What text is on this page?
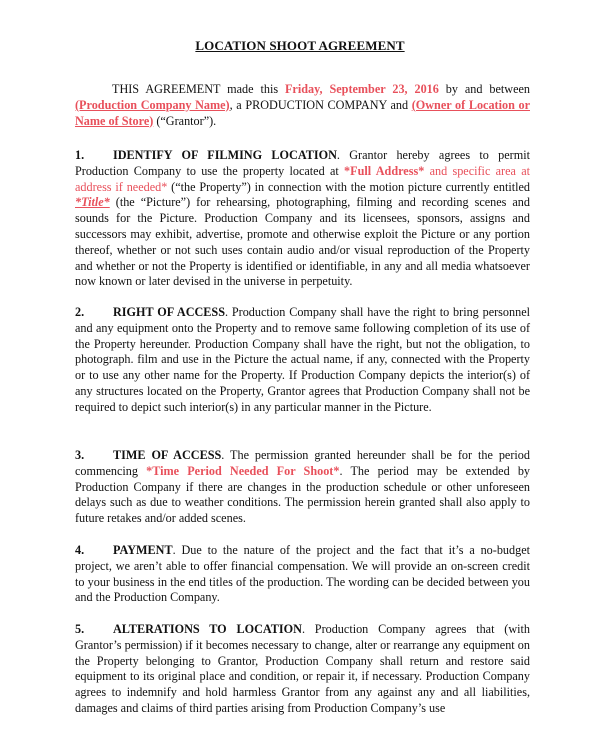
LOCATION SHOOT AGREEMENT
THIS AGREEMENT made this Friday, September 23, 2016 by and between (Production Company Name), a PRODUCTION COMPANY and (Owner of Location or Name of Store) (“Grantor”).
1. IDENTIFY OF FILMING LOCATION. Grantor hereby agrees to permit Production Company to use the property located at *Full Address* and specific area at address if needed* (“the Property”) in connection with the motion picture currently entitled *Title* (the “Picture”) for rehearsing, photographing, filming and recording scenes and sounds for the Picture. Production Company and its licensees, sponsors, assigns and successors may exhibit, advertise, promote and otherwise exploit the Picture or any portion thereof, whether or not such uses contain audio and/or visual reproduction of the Property and whether or not the Property is identified or identifiable, in any and all media whatsoever now known or later devised in the universe in perpetuity.
2. RIGHT OF ACCESS. Production Company shall have the right to bring personnel and any equipment onto the Property and to remove same following completion of its use of the Property hereunder. Production Company shall have the right, but not the obligation, to photograph. film and use in the Picture the actual name, if any, connected with the Property or to use any other name for the Property. If Production Company depicts the interior(s) of any structures located on the Property, Grantor agrees that Production Company shall not be required to depict such interior(s) in any particular manner in the Picture.
3. TIME OF ACCESS. The permission granted hereunder shall be for the period commencing *Time Period Needed For Shoot*. The period may be extended by Production Company if there are changes in the production schedule or other unforeseen delays such as due to weather conditions. The permission herein granted shall also apply to future retakes and/or added scenes.
4. PAYMENT. Due to the nature of the project and the fact that it’s a no-budget project, we aren’t able to offer financial compensation. We will provide an on-screen credit to your business in the end titles of the production. The wording can be decided between you and the Production Company.
5. ALTERATIONS TO LOCATION. Production Company agrees that (with Grantor’s permission) if it becomes necessary to change, alter or rearrange any equipment on the Property belonging to Grantor, Production Company shall return and restore said equipment to its original place and condition, or repair it, if necessary. Production Company agrees to indemnify and hold harmless Grantor from any against any and all liabilities, damages and claims of third parties arising from Production Company’s use
